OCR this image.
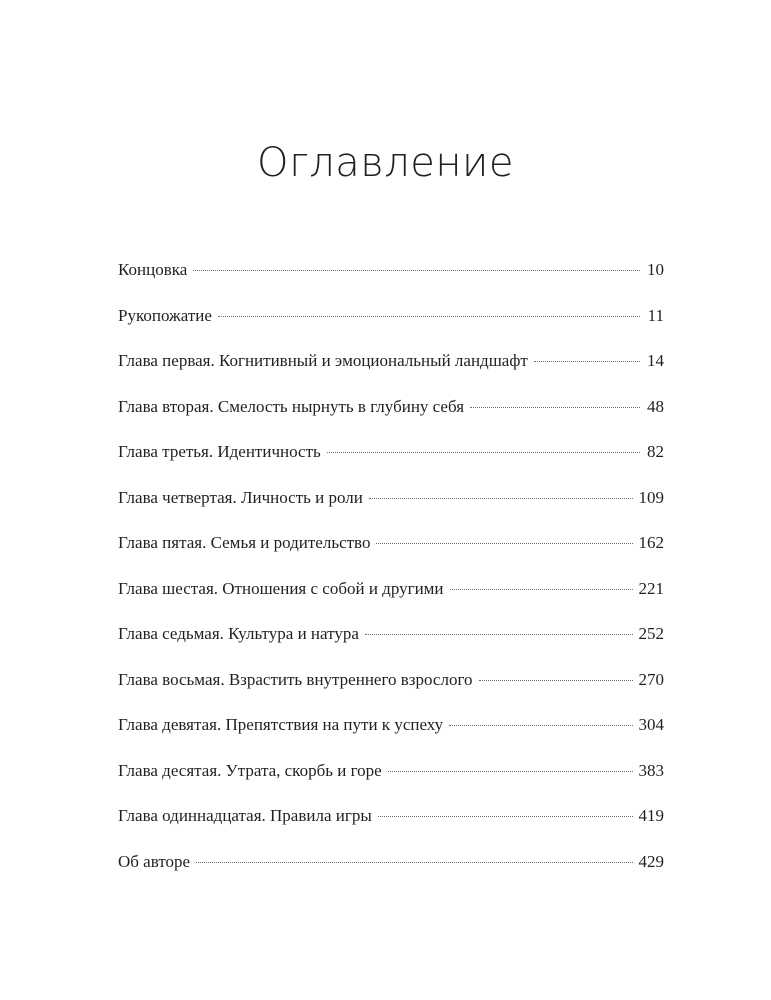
Оглавление
Концовка	10
Рукопожатие	11
Глава первая. Когнитивный и эмоциональный ландшафт	14
Глава вторая. Смелость нырнуть в глубину себя	48
Глава третья. Идентичность	82
Глава четвертая. Личность и роли	109
Глава пятая. Семья и родительство	162
Глава шестая. Отношения с собой и другими	221
Глава седьмая. Культура и натура	252
Глава восьмая. Взрастить внутреннего взрослого	270
Глава девятая. Препятствия на пути к успеху	304
Глава десятая. Утрата, скорбь и горе	383
Глава одиннадцатая. Правила игры	419
Об авторе	429
